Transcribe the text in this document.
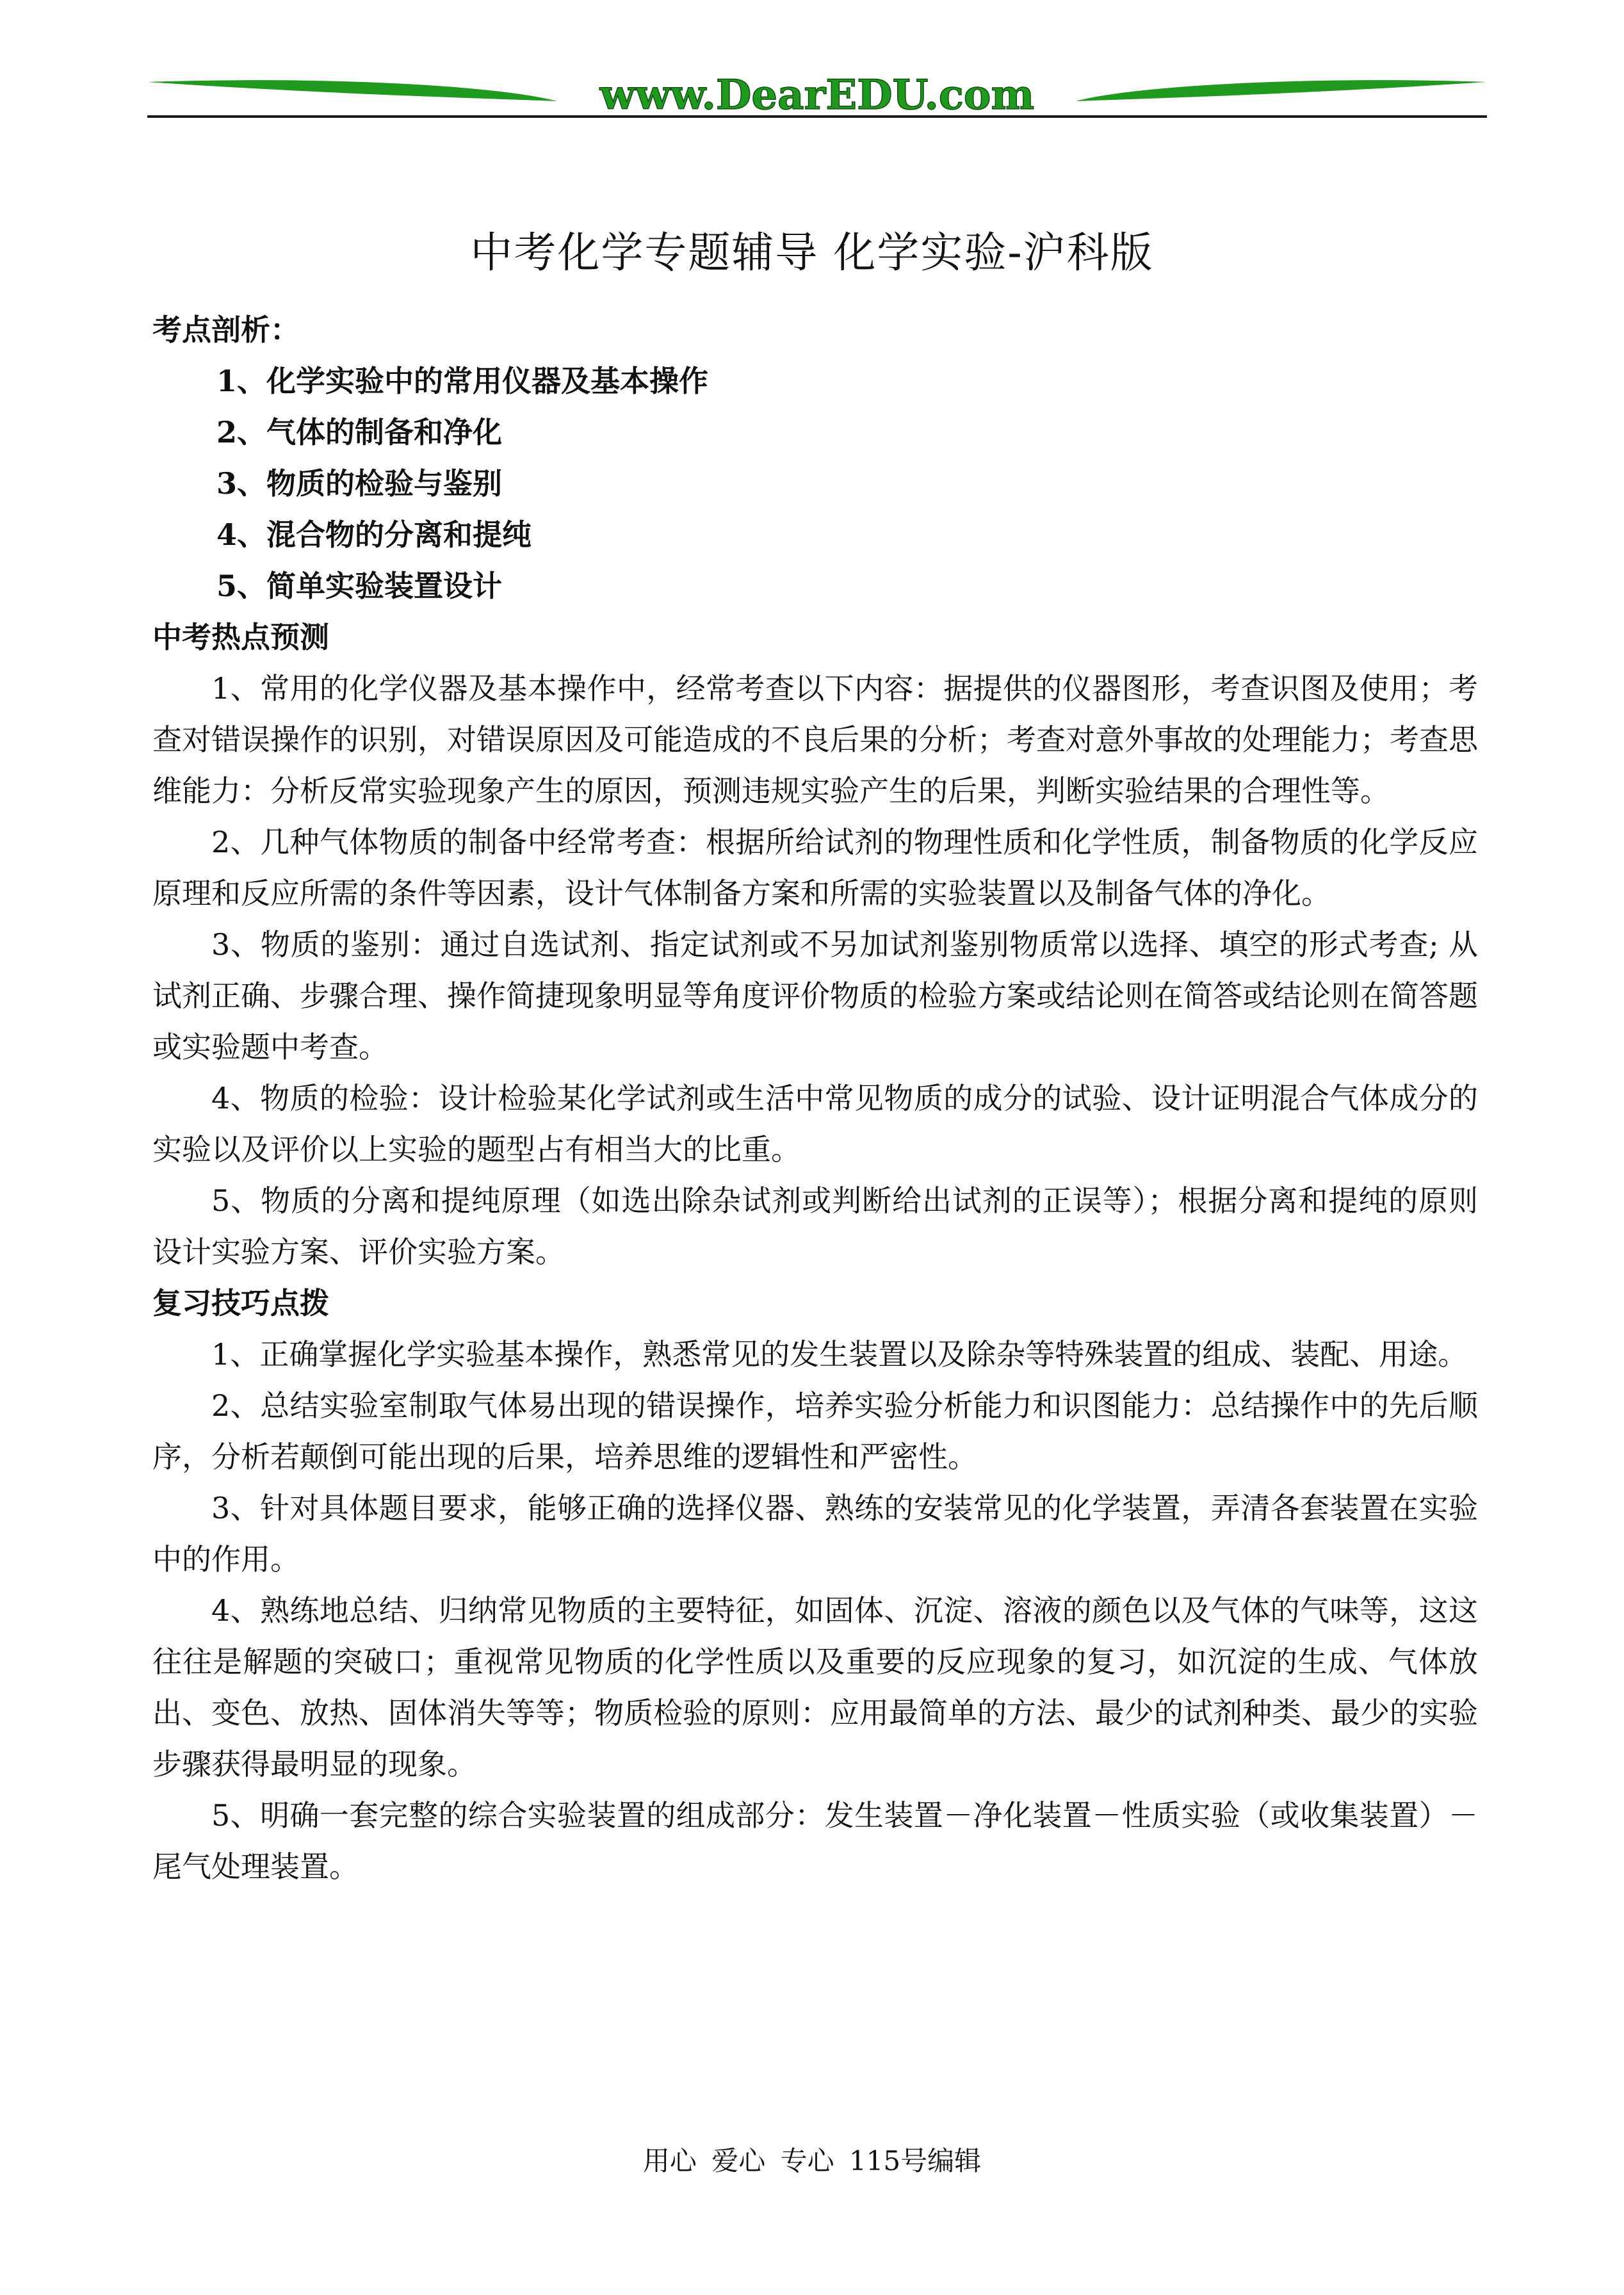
www.DearEDU.com
中考化学专题辅导 化学实验-沪科版

考点剖析：

1、化学实验中的常用仪器及基本操作

2、气体的制备和净化

3、物质的检验与鉴别

4、混合物的分离和提纯

5、简单实验装置设计

中考热点预测

1、常用的化学仪器及基本操作中，经常考查以下内容：据提供的仪器图形，考查识图及使用；考查对错误操作的识别，对错误原因及可能造成的不良后果的分析；考查对意外事故的处理能力；考查思维能力：分析反常实验现象产生的原因，预测违规实验产生的后果，判断实验结果的合理性等。

2、几种气体物质的制备中经常考查：根据所给试剂的物理性质和化学性质，制备物质的化学反应原理和反应所需的条件等因素，设计气体制备方案和所需的实验装置以及制备气体的净化。

3、物质的鉴别：通过自选试剂、指定试剂或不另加试剂鉴别物质常以选择、填空的形式考查; 从试剂正确、步骤合理、操作简捷现象明显等角度评价物质的检验方案或结论则在简答或结论则在简答题或实验题中考查。

4、物质的检验：设计检验某化学试剂或生活中常见物质的成分的试验、设计证明混合气体成分的实验以及评价以上实验的题型占有相当大的比重。

5、物质的分离和提纯原理（如选出除杂试剂或判断给出试剂的正误等）；根据分离和提纯的原则设计实验方案、评价实验方案。

复习技巧点拨

1、正确掌握化学实验基本操作，熟悉常见的发生装置以及除杂等特殊装置的组成、装配、用途。

2、总结实验室制取气体易出现的错误操作，培养实验分析能力和识图能力：总结操作中的先后顺序，分析若颠倒可能出现的后果，培养思维的逻辑性和严密性。

3、针对具体题目要求，能够正确的选择仪器、熟练的安装常见的化学装置，弄清各套装置在实验中的作用。

4、熟练地总结、归纳常见物质的主要特征，如固体、沉淀、溶液的颜色以及气体的气味等，这这往往是解题的突破口；重视常见物质的化学性质以及重要的反应现象的复习，如沉淀的生成、气体放出、变色、放热、固体消失等等；物质检验的原则：应用最简单的方法、最少的试剂种类、最少的实验步骤获得最明显的现象。

5、明确一套完整的综合实验装置的组成部分：发生装置－净化装置－性质实验（或收集装置）－尾气处理装置。

用心 爱心 专心 115号编辑
